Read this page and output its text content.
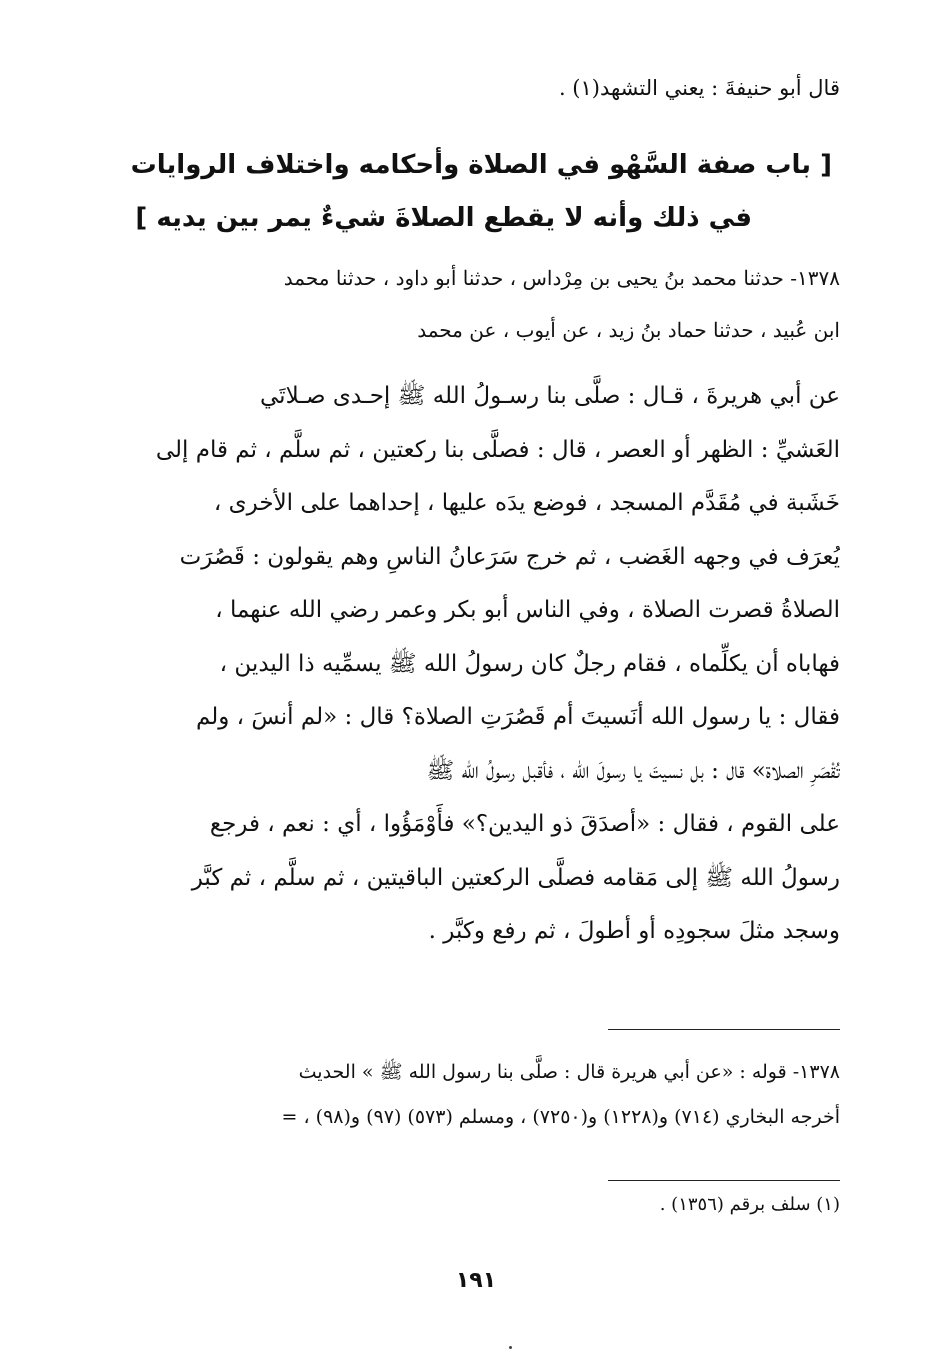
قال أبو حنيفةَ : يعني التشهد(١) .
[ باب صفة السَّهْو في الصلاة وأحكامه واختلاف الروايات
في ذلك وأنه لا يقطع الصلاةَ شيءٌ يمر بين يديه ]
١٣٧٨- حدثنا محمد بنُ يحيى بن مِرْداس ، حدثنا أبو داود ، حدثنا محمد
ابن عُبيد ، حدثنا حماد بنُ زيد ، عن أيوب ، عن محمد

عن أبي هريرةَ ، قـال : صلَّى بنا رسـولُ الله ﷺ إحـدى صـلاتَي

العَشيِّ : الظهر أو العصر ، قال : فصلَّى بنا ركعتين ، ثم سلَّم ، ثم قام إلى

خَشَبة في مُقَدَّم المسجد ، فوضع يدَه عليها ، إحداهما على الأخرى ،

يُعرَف في وجهه الغَضب ، ثم خرج سَرَعانُ الناسِ وهم يقولون : قَصُرَت

الصلاةُ قصرت الصلاة ، وفي الناس أبو بكر وعمر رضي الله عنهما ،

فهاباه أن يكلِّماه ، فقام رجلٌ كان رسولُ الله ﷺ يسمِّيه ذا اليدين ،

فقال : يا رسول الله أنَسيتَ أم قَصُرَتِ الصلاة؟ قال : «لم أنسَ ، ولم

تُقْصَرِ الصلاة» قال : بل نسيتَ يا رسولَ الله ، فأقبل رسولُ الله ﷺ

على القوم ، فقال : «أصدَقَ ذو اليدين؟» فأَوْمَؤُوا ، أي : نعم ، فرجع

رسولُ الله ﷺ إلى مَقامه فصلَّى الركعتين الباقيتين ، ثم سلَّم ، ثم كبَّر

وسجد مثلَ سجودِه أو أطولَ ، ثم رفع وكبَّر .

١٣٧٨- قوله : «عن أبي هريرة قال : صلَّى بنا رسول الله ﷺ » الحديث
أخرجه البخاري (٧١٤) و(١٢٢٨) و(٧٢٥٠) ، ومسلم (٥٧٣) (٩٧) و(٩٨) ، =
(١) سلف برقم (١٣٥٦) .
١٩١
